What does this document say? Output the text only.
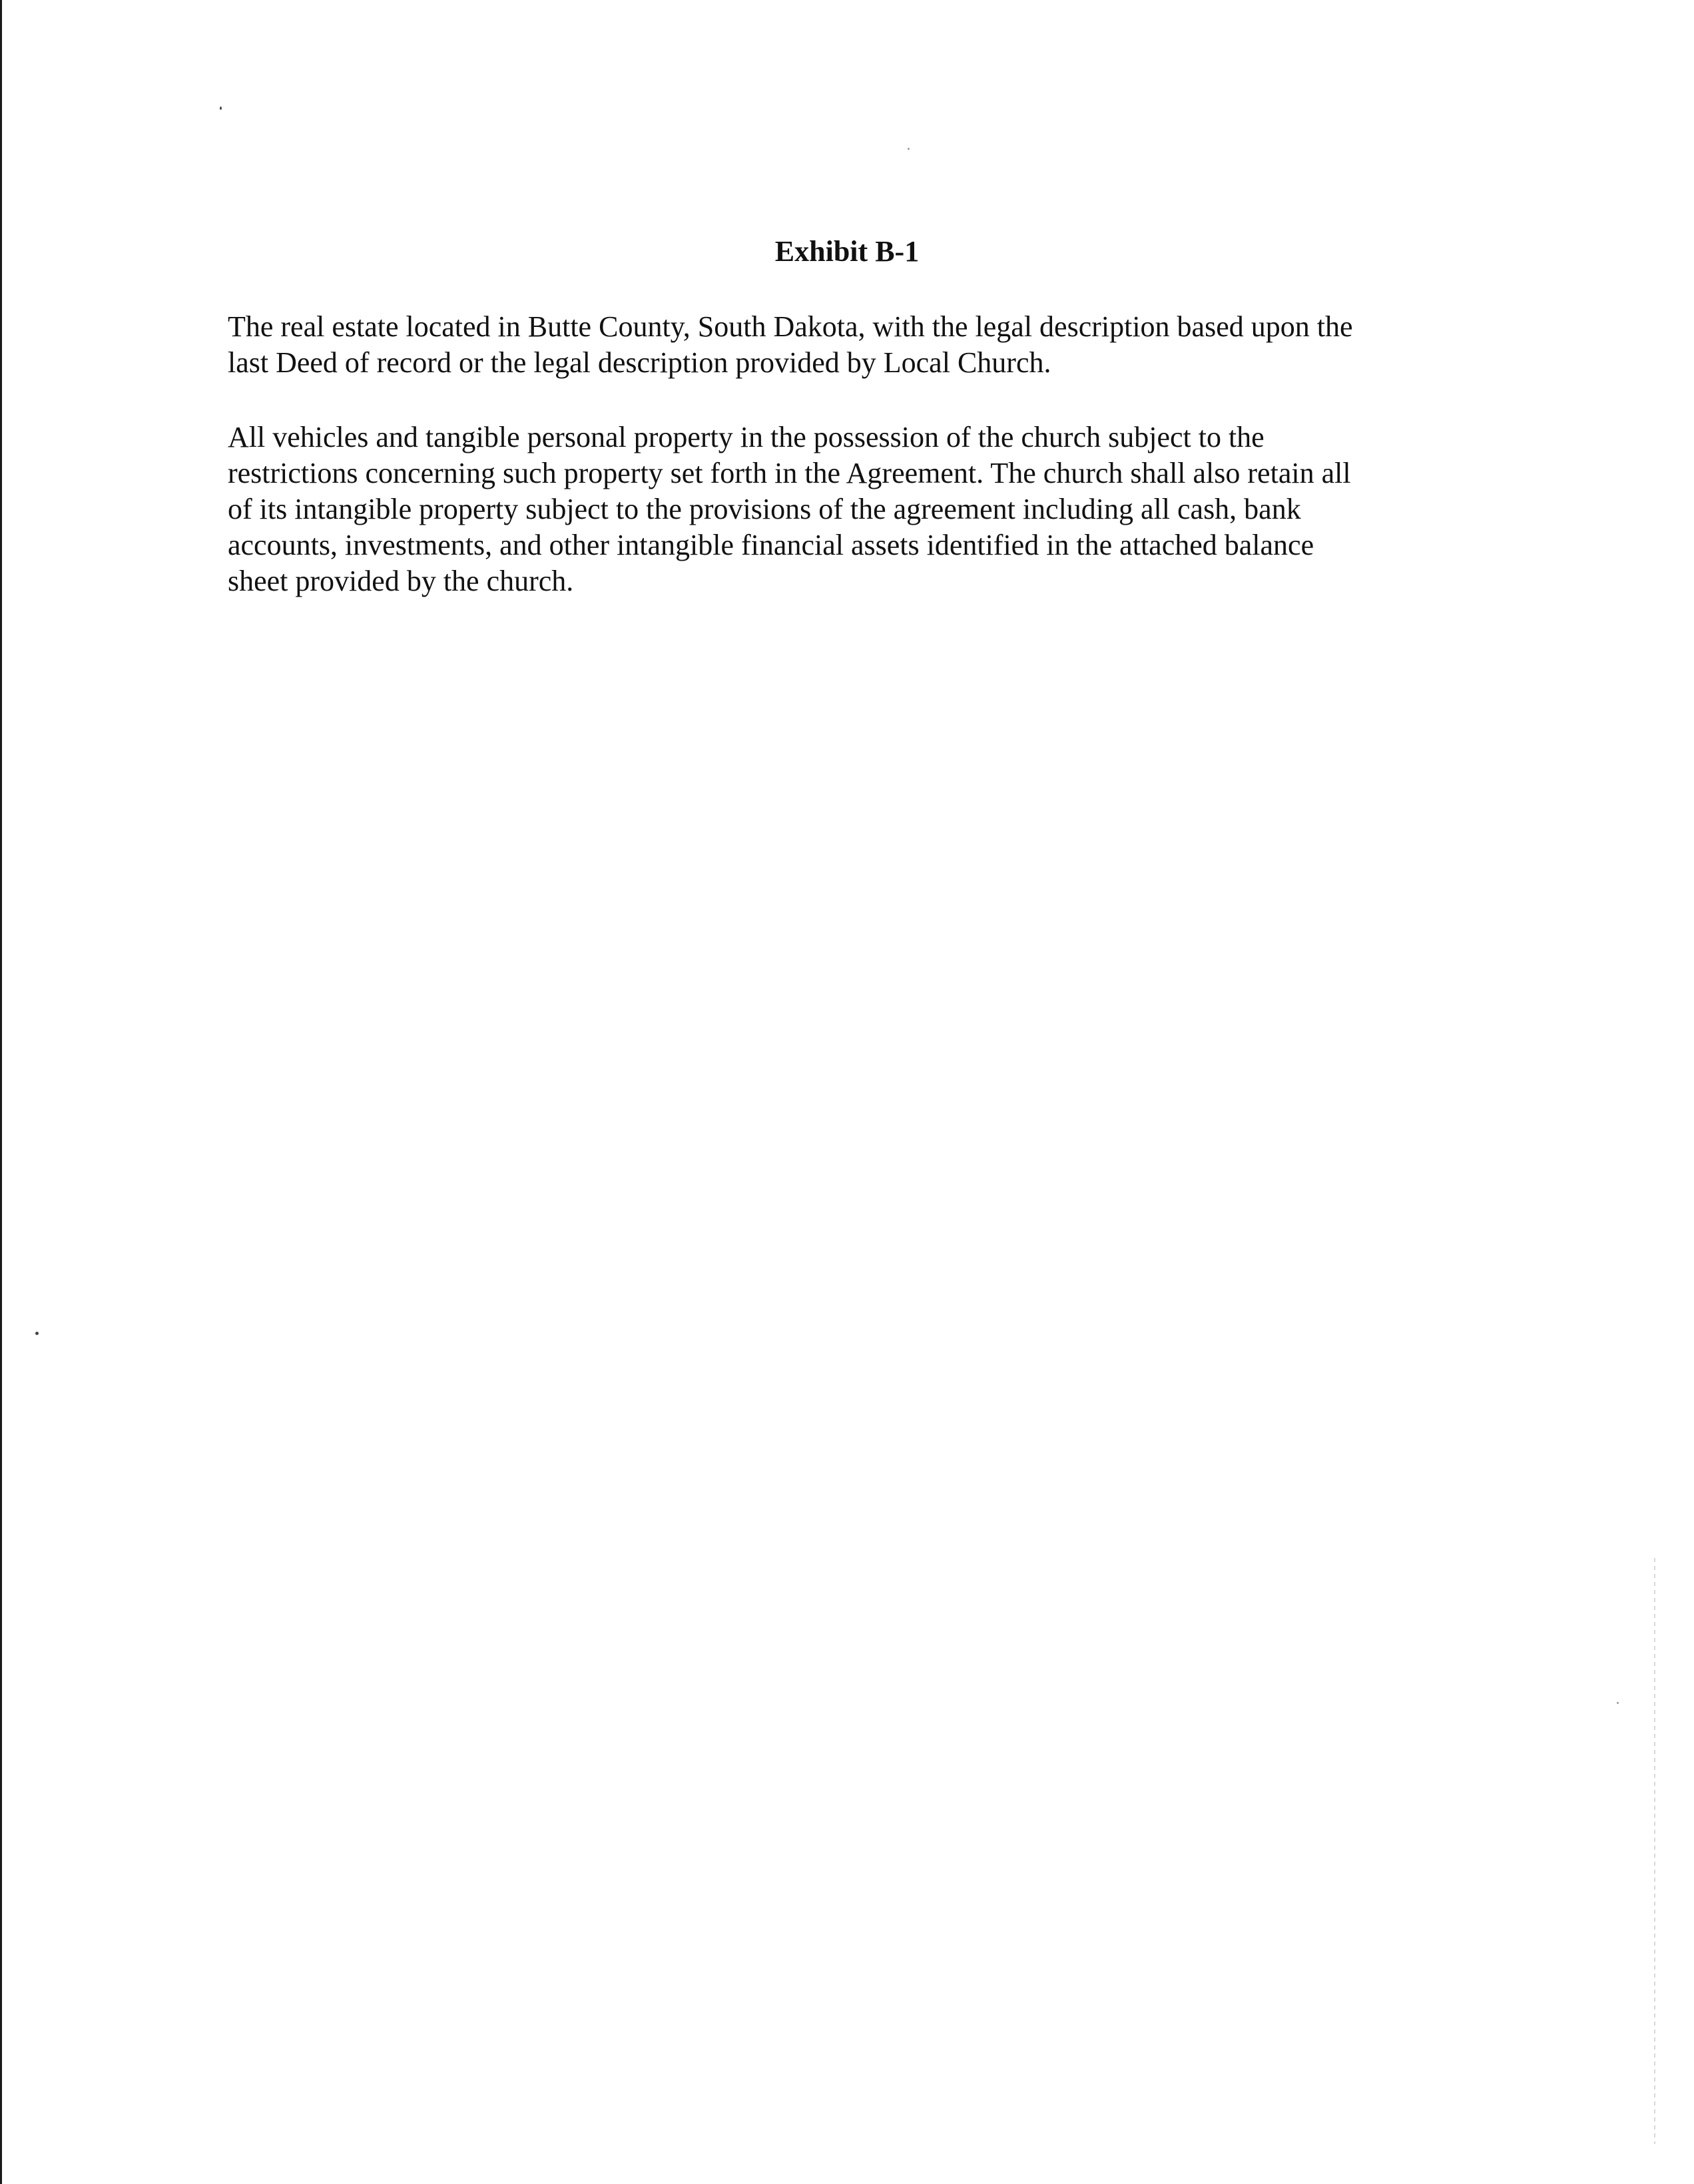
Exhibit B-1

The real estate located in Butte County, South Dakota, with the legal description based upon the
last Deed of record or the legal description provided by Local Church.

All vehicles and tangible personal property in the possession of the church subject to the
restrictions concerning such property set forth in the Agreement. The church shall also retain all
of its intangible property subject to the provisions of the agreement including all cash, bank
accounts, investments, and other intangible financial assets identified in the attached balance
sheet provided by the church.
